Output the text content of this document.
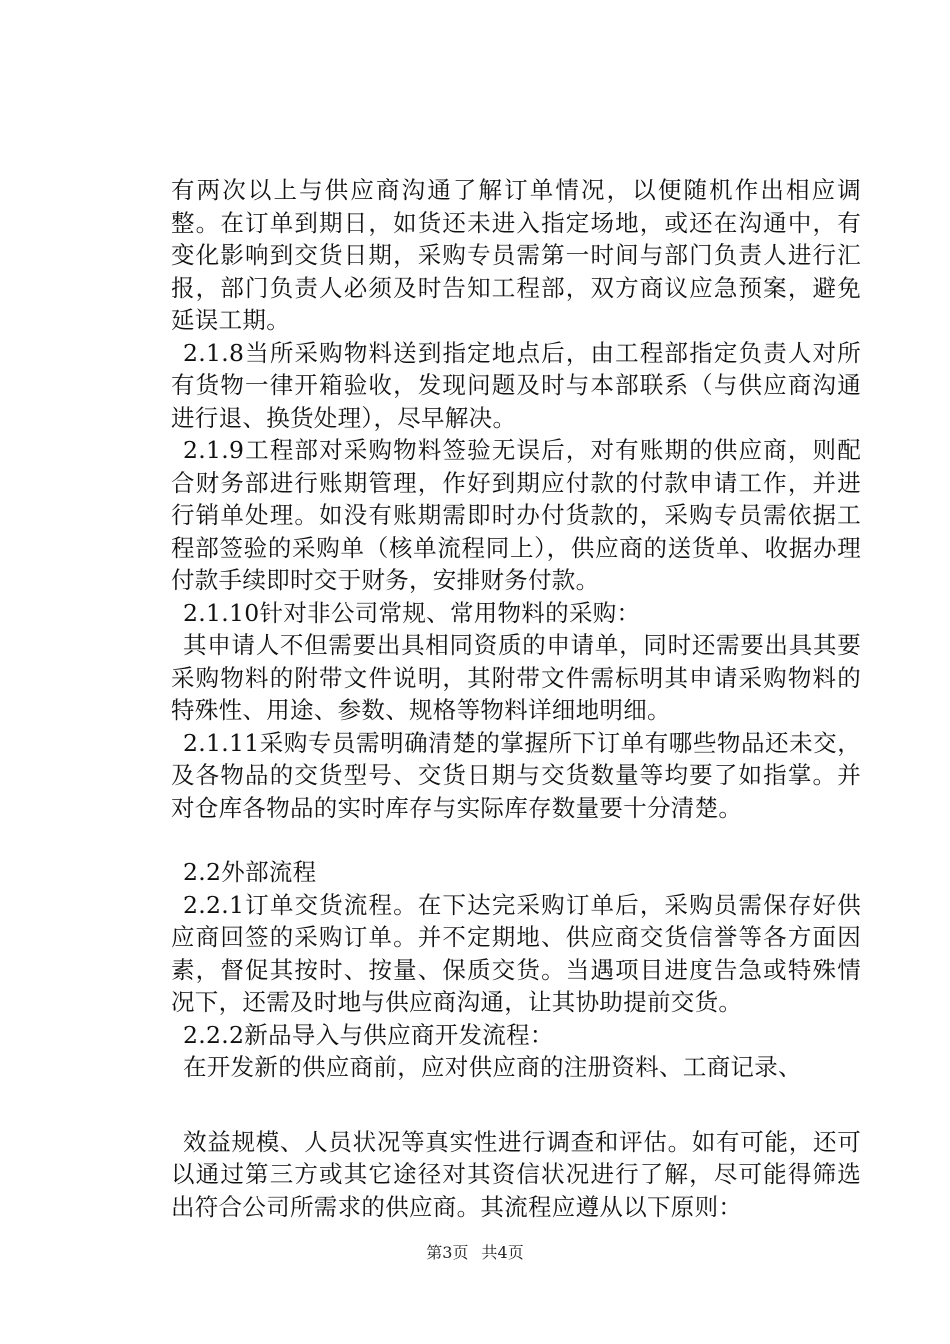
有两次以上与供应商沟通了解订单情况，以便随机作出相应调整。在订单到期日，如货还未进入指定场地，或还在沟通中，有变化影响到交货日期，采购专员需第一时间与部门负责人进行汇报，部门负责人必须及时告知工程部，双方商议应急预案，避免延误工期。

2.1.8当所采购物料送到指定地点后，由工程部指定负责人对所有货物一律开箱验收，发现问题及时与本部联系（与供应商沟通进行退、换货处理），尽早解决。

2.1.9工程部对采购物料签验无误后，对有账期的供应商，则配合财务部进行账期管理，作好到期应付款的付款申请工作，并进行销单处理。如没有账期需即时办付货款的，采购专员需依据工程部签验的采购单（核单流程同上），供应商的送货单、收据办理付款手续即时交于财务，安排财务付款。

2.1.10针对非公司常规、常用物料的采购：

其申请人不但需要出具相同资质的申请单，同时还需要出具其要采购物料的附带文件说明，其附带文件需标明其申请采购物料的特殊性、用途、参数、规格等物料详细地明细。

2.1.11采购专员需明确清楚的掌握所下订单有哪些物品还未交，及各物品的交货型号、交货日期与交货数量等均要了如指掌。并对仓库各物品的实时库存与实际库存数量要十分清楚。

2.2外部流程

2.2.1订单交货流程。在下达完采购订单后，采购员需保存好供应商回签的采购订单。并不定期地、供应商交货信誉等各方面因素，督促其按时、按量、保质交货。当遇项目进度告急或特殊情况下，还需及时地与供应商沟通，让其协助提前交货。

2.2.2新品导入与供应商开发流程：

在开发新的供应商前，应对供应商的注册资料、工商记录、

效益规模、人员状况等真实性进行调查和评估。如有可能，还可以通过第三方或其它途径对其资信状况进行了解，尽可能得筛选出符合公司所需求的供应商。其流程应遵从以下原则：

第3页 共4页
